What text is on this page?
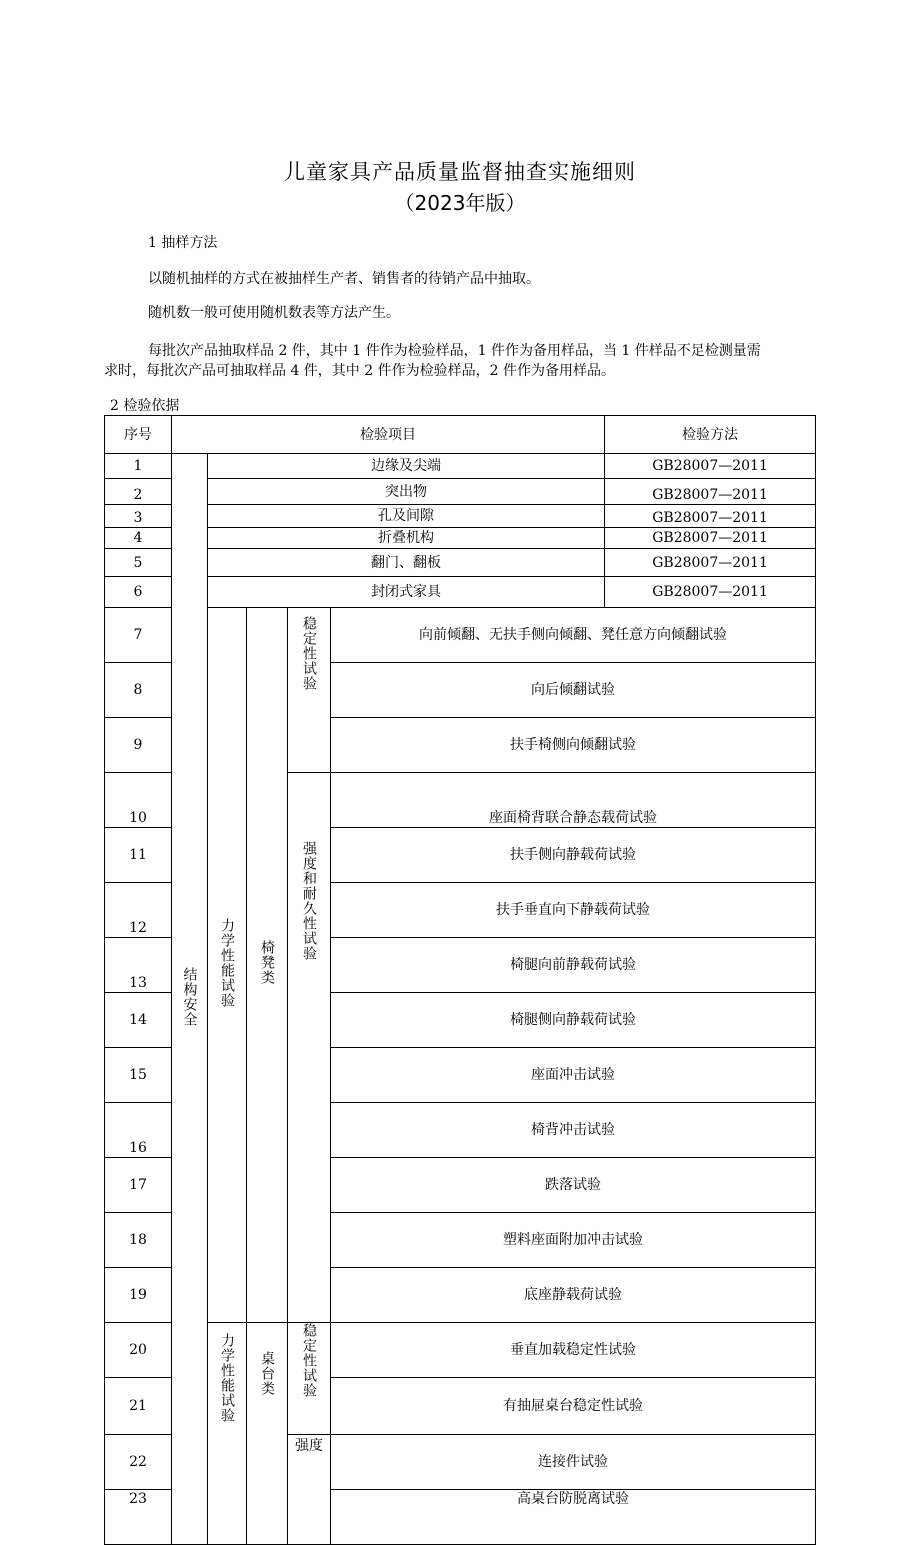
儿童家具产品质量监督抽查实施细则
（2023年版）
1 抽样方法
以随机抽样的方式在被抽样生产者、销售者的待销产品中抽取。
随机数一般可使用随机数表等方法产生。
每批次产品抽取样品 2 件，其中 1 件作为检验样品，1 件作为备用样品，当 1 件样品不足检测量需
求时，每批次产品可抽取样品 4 件，其中 2 件作为检验样品，2 件作为备用样品。
2 检验依据
序号	检验项目					检验方法	
1	结构安全	边缘及尖端				GB28007—2011	
2		突出物				GB28007—2011	
3		孔及间隙				GB28007—2011	
4		折叠机构				GB28007—2011	
5		翻门、翻板				GB28007—2011	
6		封闭式家具				GB28007—2011	
7		力学性能试验	椅凳类	稳定性试验	向前倾翻、无扶手侧向倾翻、凳任意方向倾翻试验	
8					向后倾翻试验	
9					扶手椅侧向倾翻试验	
10				强度和耐久性试验	座面椅背联合静态载荷试验	
11					扶手侧向静载荷试验	
12					扶手垂直向下静载荷试验	
13					椅腿向前静载荷试验	
14					椅腿侧向静载荷试验	
15					座面冲击试验	
16					椅背冲击试验	
17					跌落试验	
18					塑料座面附加冲击试验	
19					底座静载荷试验	
20		力学性能试验	桌台类	稳定性试验	垂直加载稳定性试验	
21					有抽屉桌台稳定性试验	
22				强度	连接件试验	
23					高桌台防脱离试验	
